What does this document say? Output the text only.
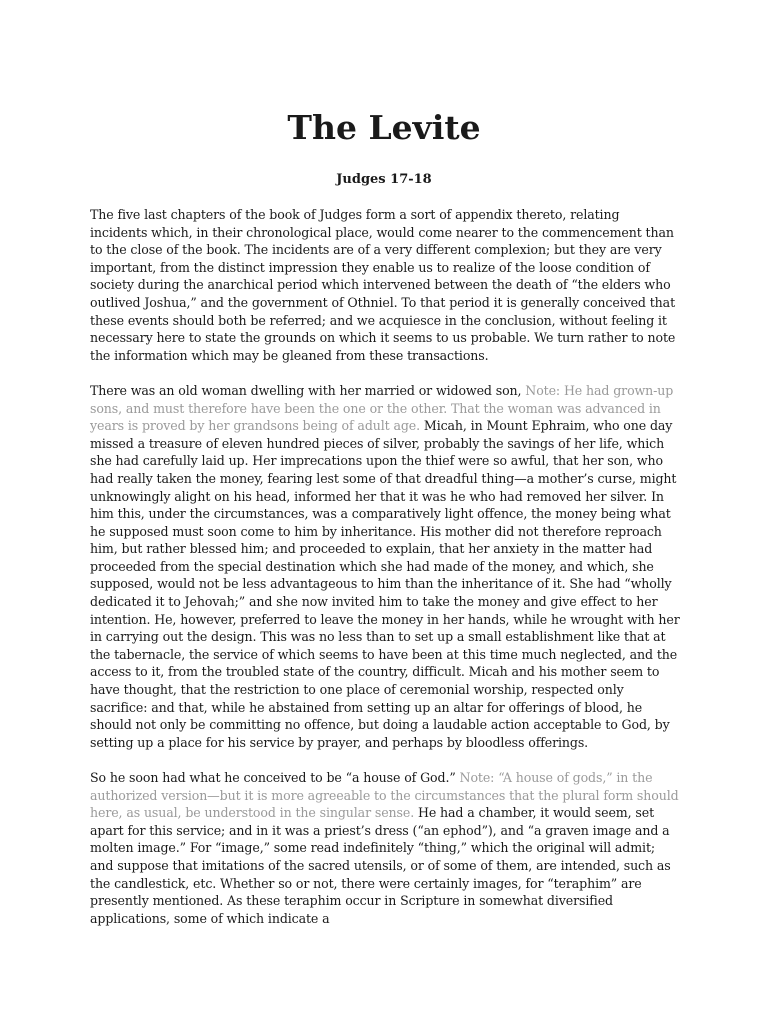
The Levite
Judges 17-18

The five last chapters of the book of Judges form a sort of appendix thereto, relating incidents which, in their chronological place, would come nearer to the commencement than to the close of the book. The incidents are of a very different complexion; but they are very important, from the distinct impression they enable us to realize of the loose condition of society during the anarchical period which intervened between the death of “the elders who outlived Joshua,” and the government of Othniel. To that period it is generally conceived that these events should both be referred; and we acquiesce in the conclusion, without feeling it necessary here to state the grounds on which it seems to us probable. We turn rather to note the information which may be gleaned from these transactions.

There was an old woman dwelling with her married or widowed son, Note: He had grown-up sons, and must therefore have been the one or the other. That the woman was advanced in years is proved by her grandsons being of adult age. Micah, in Mount Ephraim, who one day missed a treasure of eleven hundred pieces of silver, probably the savings of her life, which she had carefully laid up. Her imprecations upon the thief were so awful, that her son, who had really taken the money, fearing lest some of that dreadful thing—a mother’s curse, might unknowingly alight on his head, informed her that it was he who had removed her silver. In him this, under the circumstances, was a comparatively light offence, the money being what he supposed must soon come to him by inheritance. His mother did not therefore reproach him, but rather blessed him; and proceeded to explain, that her anxiety in the matter had proceeded from the special destination which she had made of the money, and which, she supposed, would not be less advantageous to him than the inheritance of it. She had “wholly dedicated it to Jehovah;” and she now invited him to take the money and give effect to her intention. He, however, preferred to leave the money in her hands, while he wrought with her in carrying out the design. This was no less than to set up a small establishment like that at the tabernacle, the service of which seems to have been at this time much neglected, and the access to it, from the troubled state of the country, difficult. Micah and his mother seem to have thought, that the restriction to one place of ceremonial worship, respected only sacrifice: and that, while he abstained from setting up an altar for offerings of blood, he should not only be committing no offence, but doing a laudable action acceptable to God, by setting up a place for his service by prayer, and perhaps by bloodless offerings.

So he soon had what he conceived to be “a house of God.” Note: “A house of gods,” in the authorized version—but it is more agreeable to the circumstances that the plural form should here, as usual, be understood in the singular sense. He had a chamber, it would seem, set apart for this service; and in it was a priest’s dress (“an ephod”), and “a graven image and a molten image.” For “image,” some read indefinitely “thing,” which the original will admit; and suppose that imitations of the sacred utensils, or of some of them, are intended, such as the candlestick, etc. Whether so or not, there were certainly images, for “teraphim” are presently mentioned. As these teraphim occur in Scripture in somewhat diversified applications, some of which indicate a
